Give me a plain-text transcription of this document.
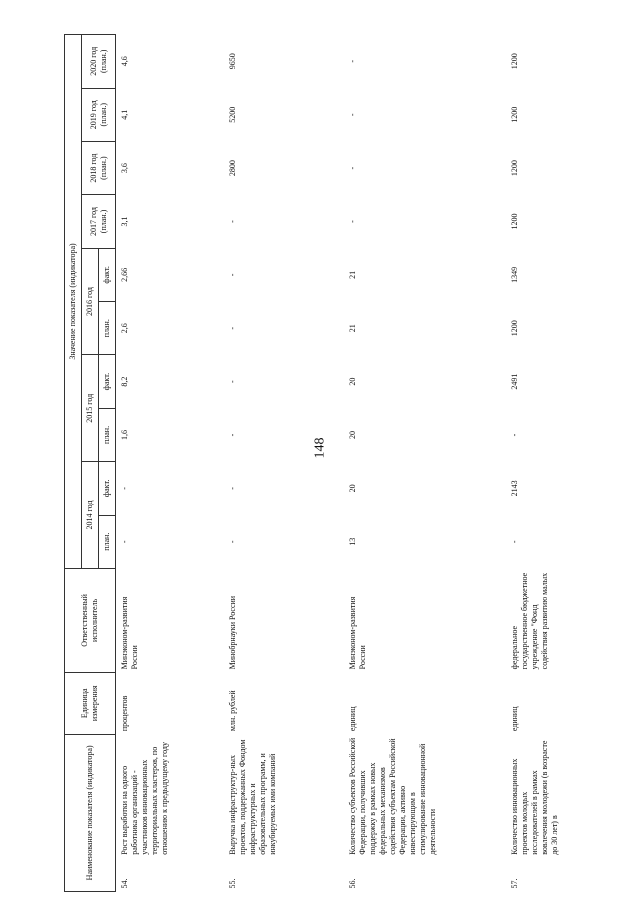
148
Наименование показателя (индикатора)		Единица измерения	Ответственный исполнитель	Значение показателя (индикатора)									
				2014 год		2015 год		2016 год		2017 год (план.)	2018 год (план.)	2019 год (план.)	2020 год (план.)
				план.	факт.	план.	факт.	план.	факт.				
54.	Рост выработки на одного работника организаций - участников инновационных территориальных кластеров, по отношению к предыдущему году	процентов	Минэконом-развития России	-	-	1,6	8,2	2,6	2,66	3,1	3,6	4,1	4,6
55.	Выручка инфраструктур-ных проектов, поддержанных Фондом инфраструктурных и образовательных программ, и инкубируемых ими компаний	млн. рублей	Минобрнауки России	-	-	-	-	-	-	-	2800	5200	9650
56.	Количество субъектов Российской Федерации, получивших поддержку в рамках новых федеральных механизмов содействия субъектам Российской Федерации, активно инвестирующим в стимулирование инновационной деятельности	единиц	Минэконом-развития России	13	20	20	20	21	21	-	-	-	-
57.	Количество инновационных проектов молодых исследователей в рамках вовлечения молодежи (в возрасте до 30 лет) в	единиц	федеральное государственное бюджетное учреждение "Фонд содействия развитию малых	-	2143	-	2491	1200	1349	1200	1200	1200	1200
